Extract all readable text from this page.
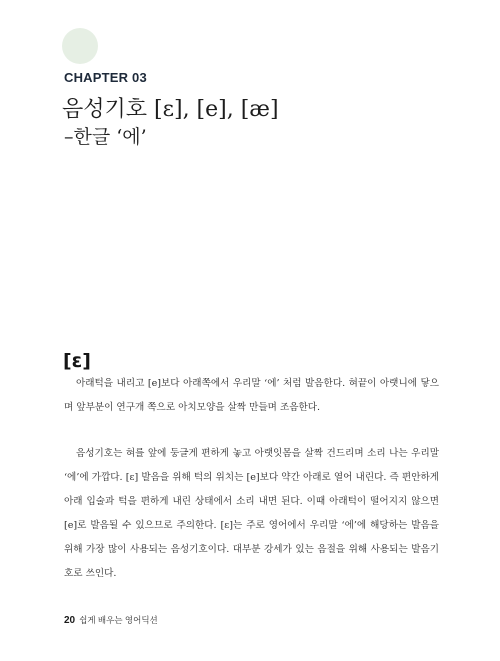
CHAPTER 03
음성기호 [ɛ], [e], [æ]
–한글 ‘에’
[ɛ]

아래턱을 내리고 [e]보다 아래쪽에서 우리말 ‘에’ 처럼 발음한다. 혀끝이 아랫니에 닿으며 앞부분이 연구개 쪽으로 아치모양을 살짝 만들며 조음한다.

음성기호는 혀를 앞에 둥글게 편하게 놓고 아랫잇몸을 살짝 건드리며 소리 나는 우리말 ‘에’에 가깝다. [ɛ] 발음을 위해 턱의 위치는 [e]보다 약간 아래로 열어 내린다. 즉 편안하게 아래 입술과 턱을 편하게 내린 상태에서 소리 내면 된다. 이때 아래턱이 떨어지지 않으면 [e]로 발음될 수 있으므로 주의한다. [ɛ]는 주로 영어에서 우리말 ‘에’에 해당하는 발음을 위해 가장 많이 사용되는 음성기호이다. 대부분 강세가 있는 음절을 위해 사용되는 발음기호로 쓰인다.

20 쉽게 배우는 영어딕션
